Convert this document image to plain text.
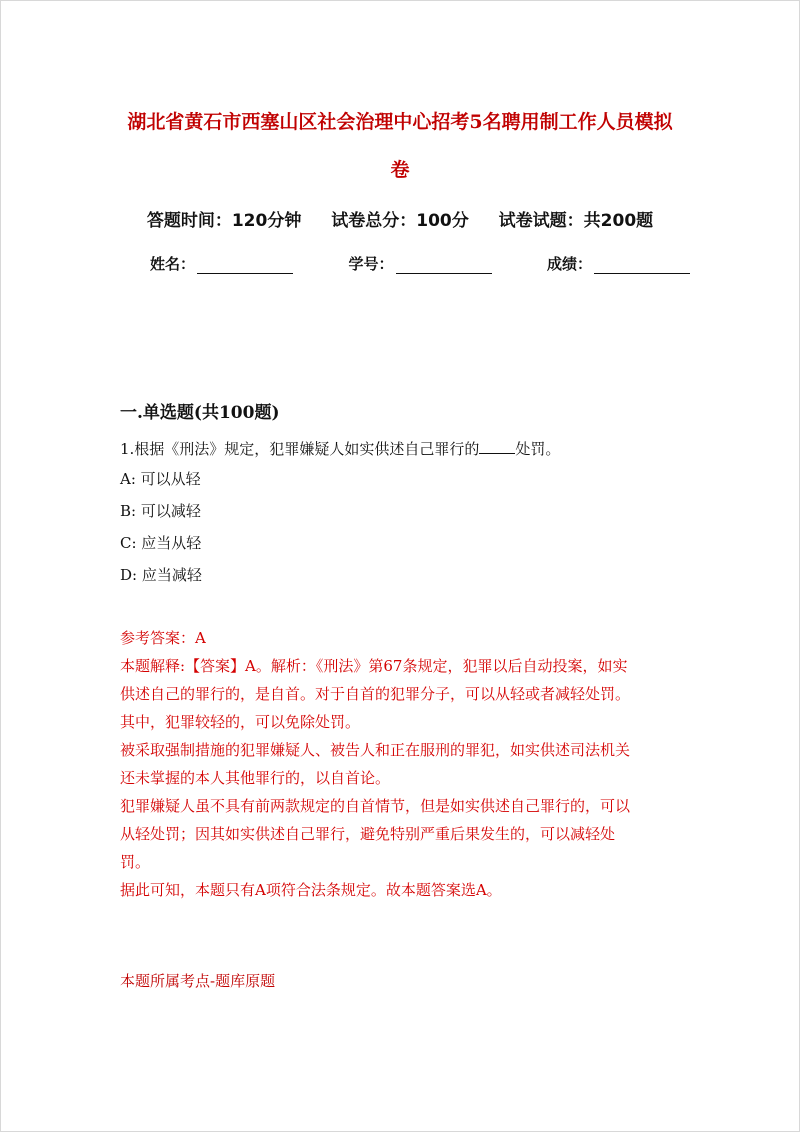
湖北省黄石市西塞山区社会治理中心招考5名聘用制工作人员模拟
卷
答题时间：120分钟 试卷总分：100分 试卷试题：共200题
姓名：	学号：	成绩：
一.单选题(共100题)
1.根据《刑法》规定，犯罪嫌疑人如实供述自己罪行的 处罚。
A: 可以从轻
B: 可以减轻
C: 应当从轻
D: 应当减轻

参考答案：A

本题解释:【答案】A。解析：《刑法》第67条规定，犯罪以后自动投案，如实

供述自己的罪行的，是自首。对于自首的犯罪分子，可以从轻或者减轻处罚。

其中，犯罪较轻的，可以免除处罚。

被采取强制措施的犯罪嫌疑人、被告人和正在服刑的罪犯，如实供述司法机关

还未掌握的本人其他罪行的，以自首论。

犯罪嫌疑人虽不具有前两款规定的自首情节，但是如实供述自己罪行的，可以

从轻处罚；因其如实供述自己罪行，避免特别严重后果发生的，可以减轻处

罚。

据此可知，本题只有A项符合法条规定。故本题答案选A。

本题所属考点-题库原题
